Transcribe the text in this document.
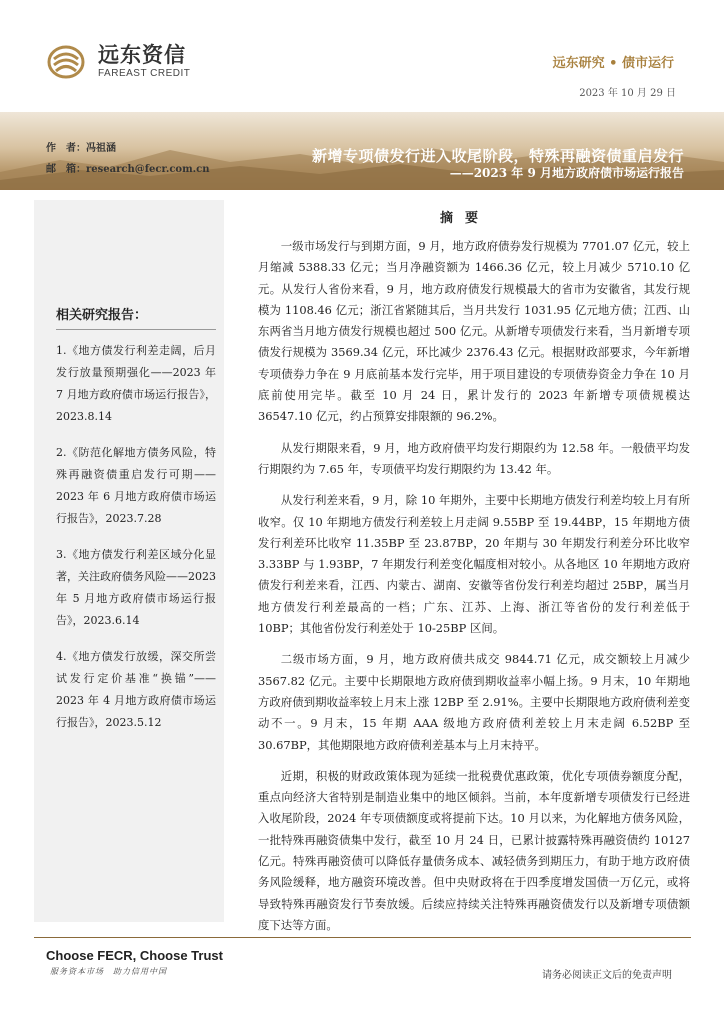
远东资信
FAREAST CREDIT
远东研究 • 债市运行
2023 年 10 月 29 日
作　者：冯祖涵
邮　箱：research@fecr.com.cn
新增专项债发行进入收尾阶段，特殊再融资债重启发行
——2023 年 9 月地方政府债市场运行报告
相关研究报告：
1.《地方债发行利差走阔，后月发行放量预期强化——2023 年 7 月地方政府债市场运行报告》，2023.8.14
2.《防范化解地方债务风险，特殊再融资债重启发行可期——2023 年 6 月地方政府债市场运行报告》，2023.7.28
3.《地方债发行利差区域分化显著，关注政府债务风险——2023 年 5 月地方政府债市场运行报告》，2023.6.14
4.《地方债发行放缓，深交所尝试发行定价基准“换锚”——2023 年 4 月地方政府债市场运行报告》，2023.5.12
摘要

一级市场发行与到期方面，9 月，地方政府债券发行规模为 7701.07 亿元，较上月缩减 5388.33 亿元；当月净融资额为 1466.36 亿元，较上月减少 5710.10 亿元。从发行人省份来看，9 月，地方政府债发行规模最大的省市为安徽省，其发行规模为 1108.46 亿元；浙江省紧随其后，当月共发行 1031.95 亿元地方债；江西、山东两省当月地方债发行规模也超过 500 亿元。从新增专项债发行来看，当月新增专项债发行规模为 3569.34 亿元，环比减少 2376.43 亿元。根据财政部要求，今年新增专项债券力争在 9 月底前基本发行完毕，用于项目建设的专项债券资金力争在 10 月底前使用完毕。截至 10 月 24 日，累计发行的 2023 年新增专项债规模达 36547.10 亿元，约占预算安排限额的 96.2%。

从发行期限来看，9 月，地方政府债平均发行期限约为 12.58 年。一般债平均发行期限约为 7.65 年，专项债平均发行期限约为 13.42 年。

从发行利差来看，9 月，除 10 年期外，主要中长期地方债发行利差均较上月有所收窄。仅 10 年期地方债发行利差较上月走阔 9.55BP 至 19.44BP，15 年期地方债发行利差环比收窄 11.35BP 至 23.87BP，20 年期与 30 年期发行利差分环比收窄 3.33BP 与 1.93BP，7 年期发行利差变化幅度相对较小。从各地区 10 年期地方政府债发行利差来看，江西、内蒙古、湖南、安徽等省份发行利差均超过 25BP，属当月地方债发行利差最高的一档；广东、江苏、上海、浙江等省份的发行利差低于 10BP；其他省份发行利差处于 10-25BP 区间。

二级市场方面，9 月，地方政府债共成交 9844.71 亿元，成交额较上月减少 3567.82 亿元。主要中长期限地方政府债到期收益率小幅上扬。9 月末，10 年期地方政府债到期收益率较上月末上涨 12BP 至 2.91%。主要中长期限地方政府债利差变动不一。9 月末，15 年期 AAA 级地方政府债利差较上月末走阔 6.52BP 至 30.67BP，其他期限地方政府债利差基本与上月末持平。

近期，积极的财政政策体现为延续一批税费优惠政策，优化专项债券额度分配，重点向经济大省特别是制造业集中的地区倾斜。当前，本年度新增专项债发行已经进入收尾阶段，2024 年专项债额度或将提前下达。10 月以来，为化解地方债务风险，一批特殊再融资债集中发行，截至 10 月 24 日，已累计披露特殊再融资债约 10127 亿元。特殊再融资债可以降低存量债务成本、减轻债务到期压力，有助于地方政府债务风险缓释，地方融资环境改善。但中央财政将在于四季度增发国债一万亿元，或将导致特殊再融资发行节奏放缓。后续应持续关注特殊再融资债发行以及新增专项债额度下达等方面。

Choose FECR, Choose Trust
服务资本市场　助力信用中国	请务必阅读正文后的免责声明
